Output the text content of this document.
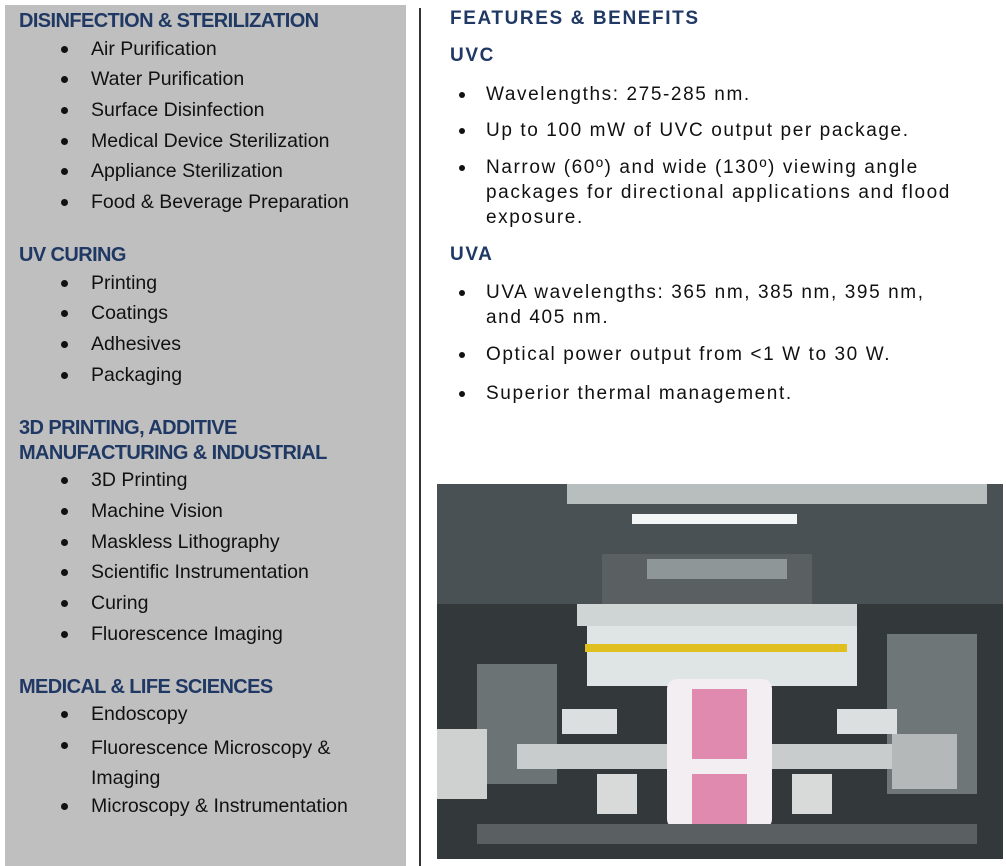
DISINFECTION & STERILIZATION
Air Purification
Water Purification
Surface Disinfection
Medical Device Sterilization
Appliance Sterilization
Food & Beverage Preparation
UV CURING
Printing
Coatings
Adhesives
Packaging
3D PRINTING, ADDITIVE
MANUFACTURING & INDUSTRIAL
3D Printing
Machine Vision
Maskless Lithography
Scientific Instrumentation
Curing
Fluorescence Imaging
MEDICAL & LIFE SCIENCES
Endoscopy
Fluorescence Microscopy & Imaging
Microscopy & Instrumentation
FEATURES & BENEFITS
UVC
Wavelengths: 275-285 nm.
Up to 100 mW of UVC output per package.
Narrow (60º) and wide (130º) viewing angle packages for directional applications and flood exposure.
UVA
UVA wavelengths: 365 nm, 385 nm, 395 nm, and 405 nm.
Optical power output from <1 W to 30 W.
Superior thermal management.
